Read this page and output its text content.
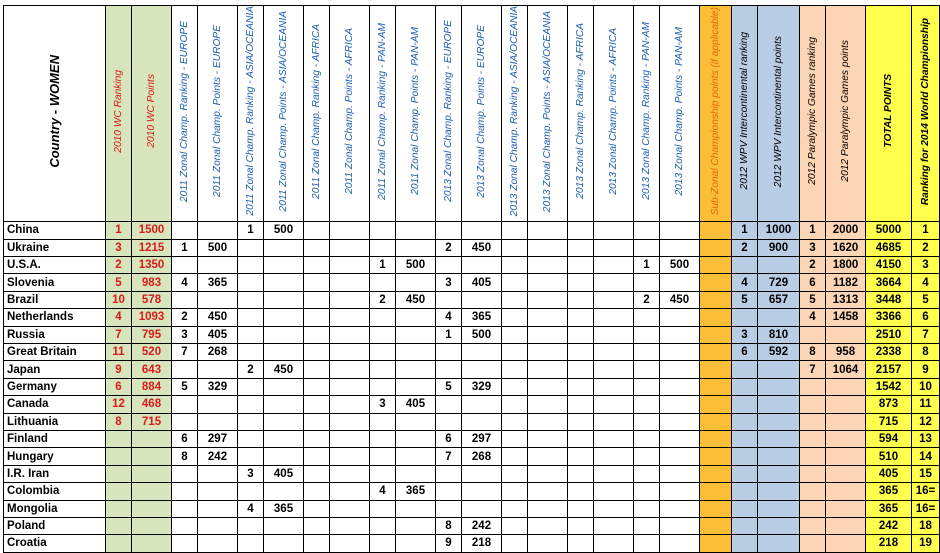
Country - WOMEN	2010 WC Ranking	2010 WC Points	2011 Zonal Champ. Ranking - EUROPE	2011 Zonal Champ. Points - EUROPE	2011 Zonal Champ. Ranking - ASIA/OCEANIA	2011 Zonal Champ. Points - ASIA/OCEANIA	2011 Zonal Champ. Ranking - AFRICA	2011 Zonal Champ. Points - AFRICA	2011 Zonal Champ. Ranking - PAN-AM	2011 Zonal Champ. Points - PAN-AM	2013 Zonal Champ. Ranking - EUROPE	2013 Zonal Champ. Points - EUROPE	2013 Zonal Champ. Ranking - ASIA/OCEANIA	2013 Zonal Champ. Points - ASIA/OCEANIA	2013 Zonal Champ. Ranking - AFRICA	2013 Zonal Champ. Points - AFRICA	2013 Zonal Champ. Ranking - PAN-AM	2013 Zonal Champ. Points - PAN-AM	Sub-Zonal Championship points (if applicable)	2012 WPV Intercontinental ranking	2012 WPV Intercontinental points	2012 Paralympic Games ranking	2012 Paralympic Games points	TOTAL POINTS	Ranking for 2014 World Championship
China	1	1500			1	500														1	1000	1	2000	5000	1
Ukraine	3	1215	1	500							2	450								2	900	3	1620	4685	2
U.S.A.	2	1350							1	500							1	500				2	1800	4150	3
Slovenia	5	983	4	365							3	405								4	729	6	1182	3664	4
Brazil	10	578							2	450							2	450		5	657	5	1313	3448	5
Netherlands	4	1093	2	450							4	365										4	1458	3366	6
Russia	7	795	3	405							1	500								3	810			2510	7
Great Britain	11	520	7	268																6	592	8	958	2338	8
Japan	9	643			2	450																7	1064	2157	9
Germany	6	884	5	329							5	329												1542	10
Canada	12	468							3	405														873	11
Lithuania	8	715																						715	12
Finland			6	297							6	297												594	13
Hungary			8	242							7	268												510	14
I.R. Iran					3	405																		405	15
Colombia									4	365														365	16=
Mongolia					4	365																		365	16=
Poland											8	242												242	18
Croatia											9	218												218	19
